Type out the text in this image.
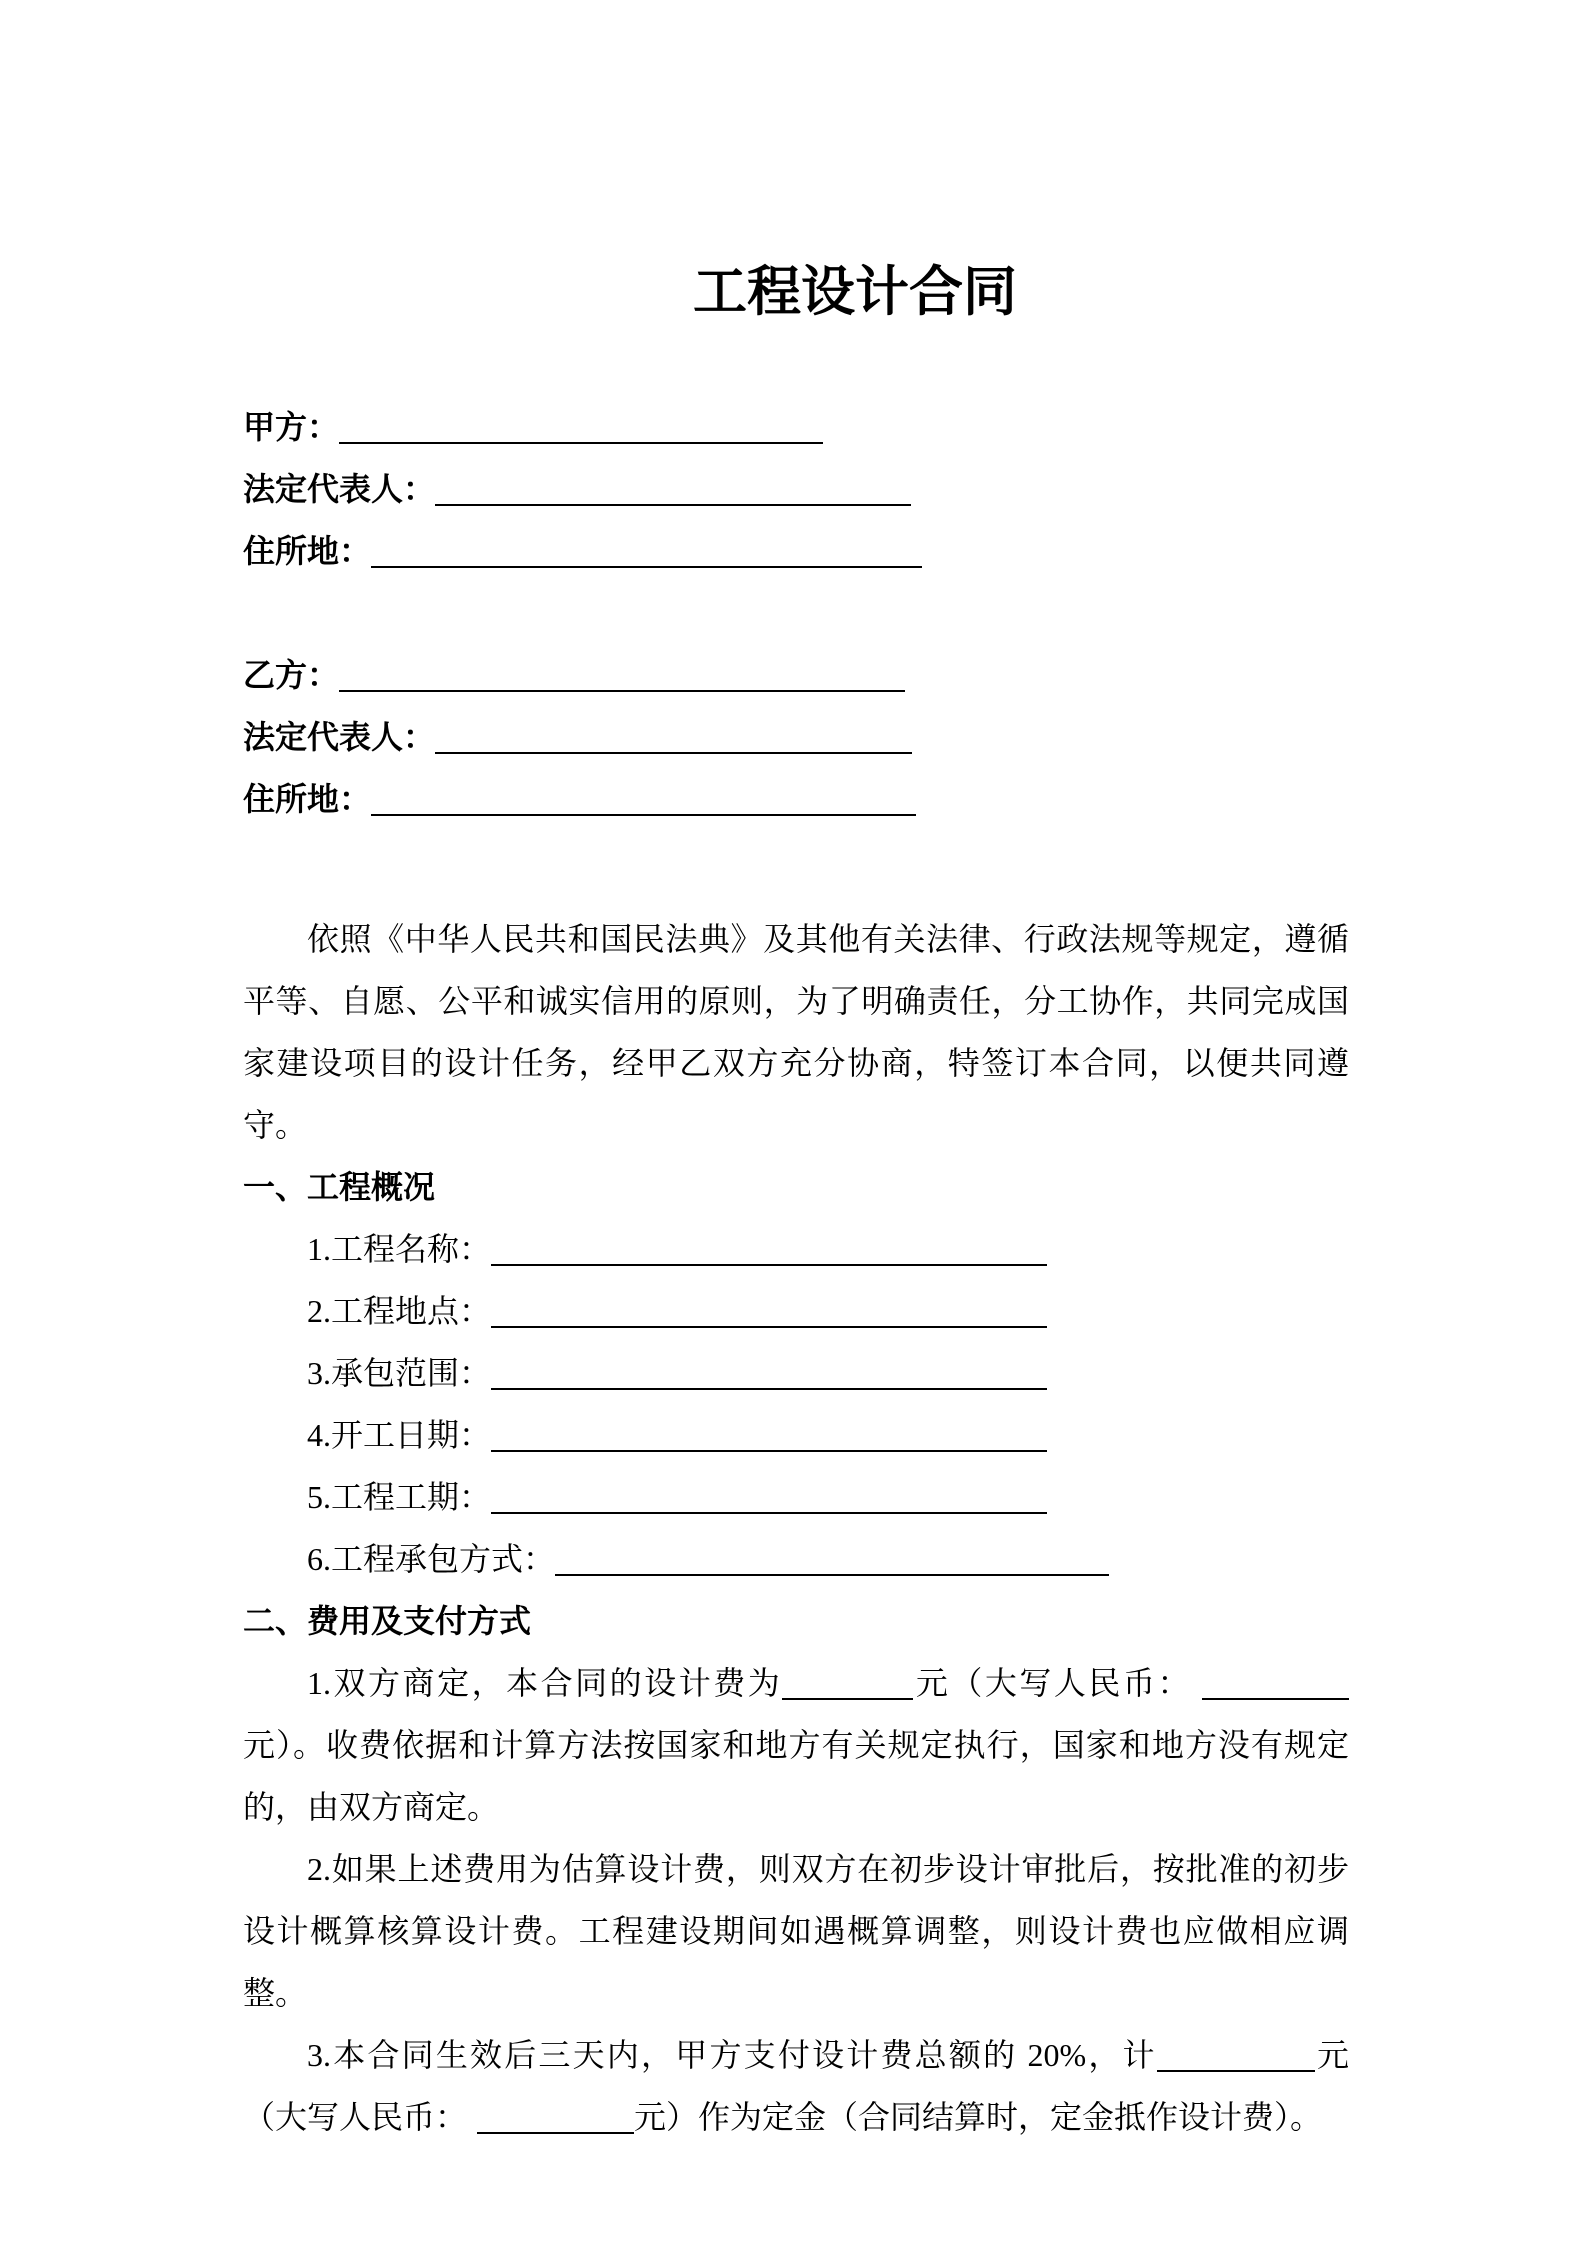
工程设计合同
甲方：
法定代表人：
住所地：
乙方：
法定代表人：
住所地：

依照《中华人民共和国民法典》及其他有关法律、行政法规等规定，遵循平等、自愿、公平和诚实信用的原则，为了明确责任，分工协作，共同完成国家建设项目的设计任务，经甲乙双方充分协商，特签订本合同，以便共同遵守。

一、工程概况
1.工程名称：
2.工程地点：
3.承包范围：
4.开工日期：
5.工程工期：
6.工程承包方式：
二、费用及支付方式

1.双方商定，本合同的设计费为	元（大写人民币：元）。收费依据和计算方法按国家和地方有关规定执行，国家和地方没有规定的，由双方商定。

2.如果上述费用为估算设计费，则双方在初步设计审批后，按批准的初步设计概算核算设计费。工程建设期间如遇概算调整，则设计费也应做相应调整。

3.本合同生效后三天内，甲方支付设计费总额的 20%，计	元（大写人民币：	元）作为定金（合同结算时，定金抵作设计费）。
